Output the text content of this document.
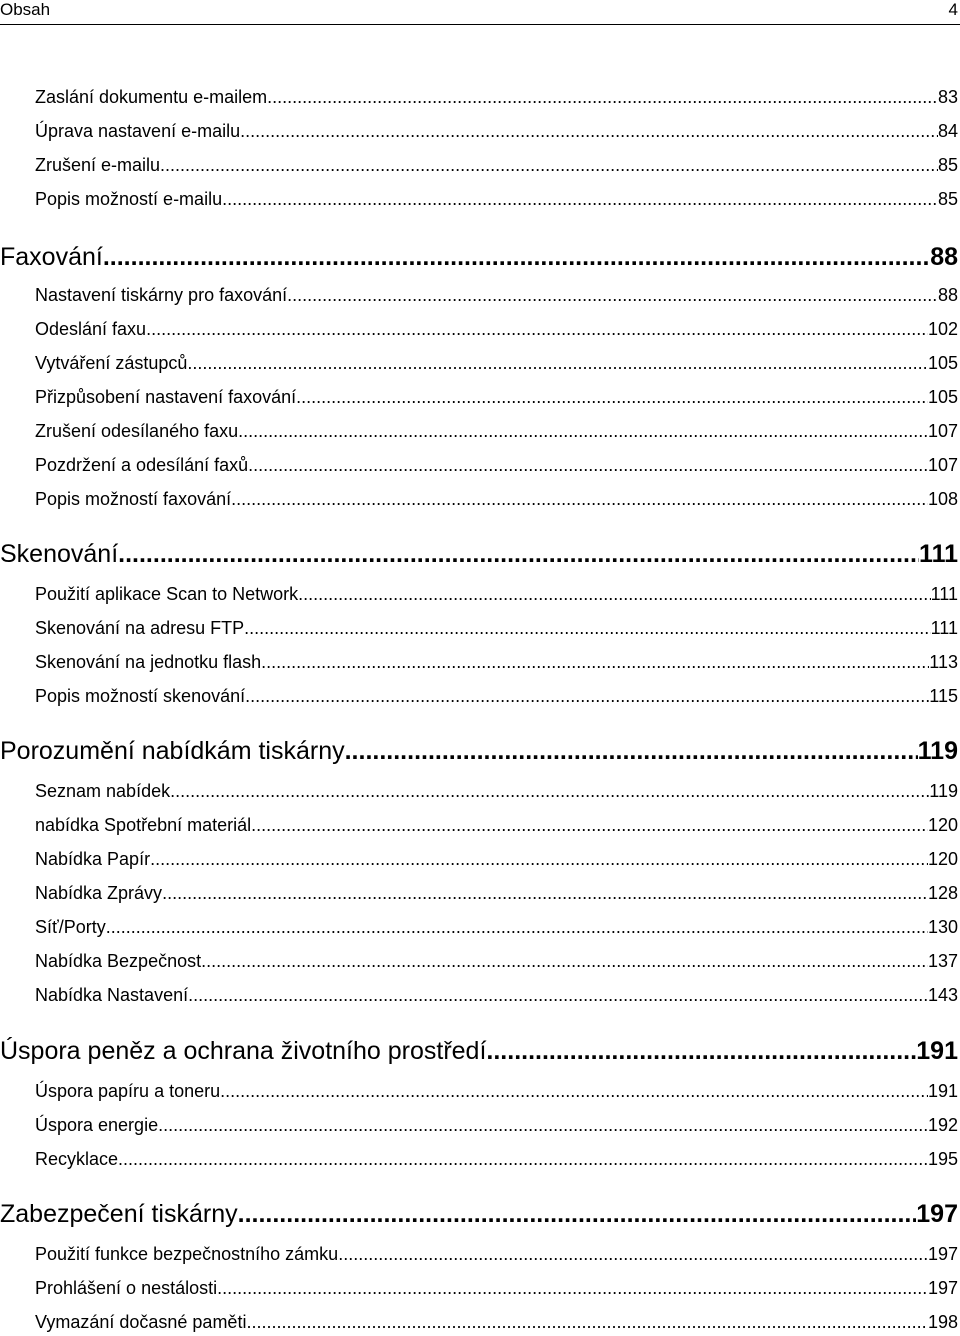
Obsah	4
Zaslání dokumentu e-mailem .....	83
Úprava nastavení e-mailu .....	84
Zrušení e-mailu .....	85
Popis možností e-mailu .....	85
Faxování .....	88
Nastavení tiskárny pro faxování .....	88
Odeslání faxu .....	102
Vytváření zástupců .....	105
Přizpůsobení nastavení faxování .....	105
Zrušení odesílaného faxu .....	107
Pozdržení a odesílání faxů .....	107
Popis možností faxování .....	108
Skenování .....	111
Použití aplikace Scan to Network .....	111
Skenování na adresu FTP .....	111
Skenování na jednotku flash .....	113
Popis možností skenování .....	115
Porozumění nabídkám tiskárny .....	119
Seznam nabídek .....	119
nabídka Spotřební materiál .....	120
Nabídka Papír .....	120
Nabídka Zprávy .....	128
Síť/Porty .....	130
Nabídka Bezpečnost .....	137
Nabídka Nastavení .....	143
Úspora peněz a ochrana životního prostředí .....	191
Úspora papíru a toneru .....	191
Úspora energie .....	192
Recyklace .....	195
Zabezpečení tiskárny .....	197
Použití funkce bezpečnostního zámku .....	197
Prohlášení o nestálosti .....	197
Vymazání dočasné paměti .....	198
